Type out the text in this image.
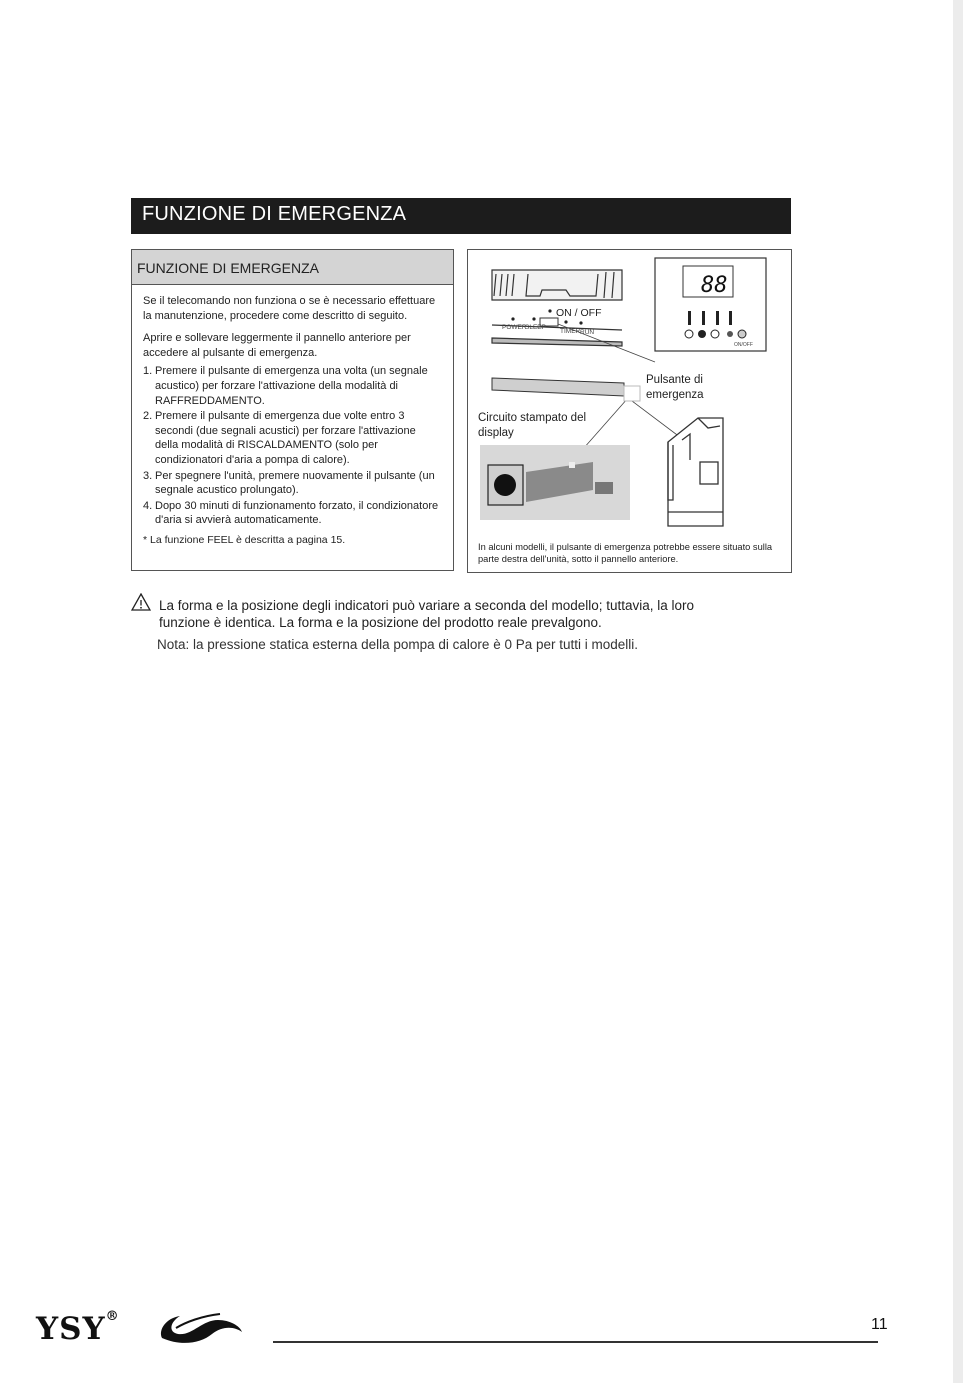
FUNZIONE DI EMERGENZA
FUNZIONE DI EMERGENZA

Se il telecomando non funziona o se è necessario effettuare la manutenzione, procedere come descritto di seguito.

Aprire e sollevare leggermente il pannello anteriore per accedere al pulsante di emergenza.

1. Premere il pulsante di emergenza una volta (un segnale acustico) per forzare l'attivazione della modalità di RAFFREDDAMENTO.
2. Premere il pulsante di emergenza due volte entro 3 secondi (due segnali acustici) per forzare l'attivazione della modalità di RISCALDAMENTO (solo per condizionatori d'aria a pompa di calore).
3. Per spegnere l'unità, premere nuovamente il pulsante (un segnale acustico prolungato).
4. Dopo 30 minuti di funzionamento forzato, il condizionatore d'aria si avvierà automaticamente.
* La funzione FEEL è descritta a pagina 15.
ON / OFF
POWER
SLEEP
TIMER RUN
88
ON/OFF
Pulsante di emergenza
Circuito stampato del display
In alcuni modelli, il pulsante di emergenza potrebbe essere situato sulla parte destra dell'unità, sotto il pannello anteriore.
La forma e la posizione degli indicatori può variare a seconda del modello; tuttavia, la loro funzione è identica. La forma e la posizione del prodotto reale prevalgono.
Nota: la pressione statica esterna della pompa di calore è 0 Pa per tutti i modelli.
YSY®	11
